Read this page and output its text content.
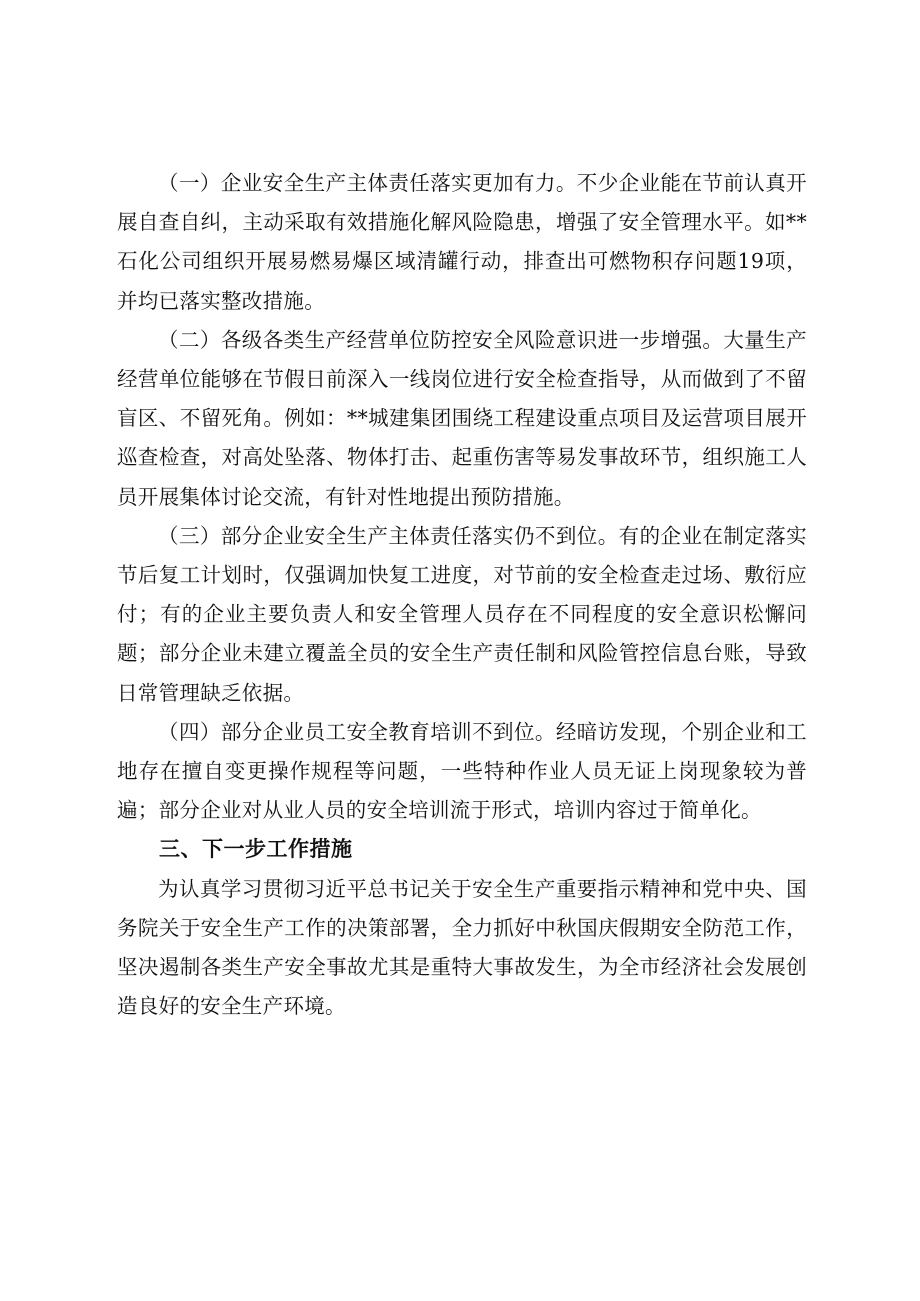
（一）企业安全生产主体责任落实更加有力。不少企业能在节前认真开展自查自纠，主动采取有效措施化解风险隐患，增强了安全管理水平。如**石化公司组织开展易燃易爆区域清罐行动，排查出可燃物积存问题19项，并均已落实整改措施。

（二）各级各类生产经营单位防控安全风险意识进一步增强。大量生产经营单位能够在节假日前深入一线岗位进行安全检查指导，从而做到了不留盲区、不留死角。例如：**城建集团围绕工程建设重点项目及运营项目展开巡查检查，对高处坠落、物体打击、起重伤害等易发事故环节，组织施工人员开展集体讨论交流，有针对性地提出预防措施。

（三）部分企业安全生产主体责任落实仍不到位。有的企业在制定落实节后复工计划时，仅强调加快复工进度，对节前的安全检查走过场、敷衍应付；有的企业主要负责人和安全管理人员存在不同程度的安全意识松懈问题；部分企业未建立覆盖全员的安全生产责任制和风险管控信息台账，导致日常管理缺乏依据。

（四）部分企业员工安全教育培训不到位。经暗访发现，个别企业和工地存在擅自变更操作规程等问题，一些特种作业人员无证上岗现象较为普遍；部分企业对从业人员的安全培训流于形式，培训内容过于简单化。

三、下一步工作措施

为认真学习贯彻习近平总书记关于安全生产重要指示精神和党中央、国务院关于安全生产工作的决策部署，全力抓好中秋国庆假期安全防范工作，坚决遏制各类生产安全事故尤其是重特大事故发生，为全市经济社会发展创造良好的安全生产环境。
